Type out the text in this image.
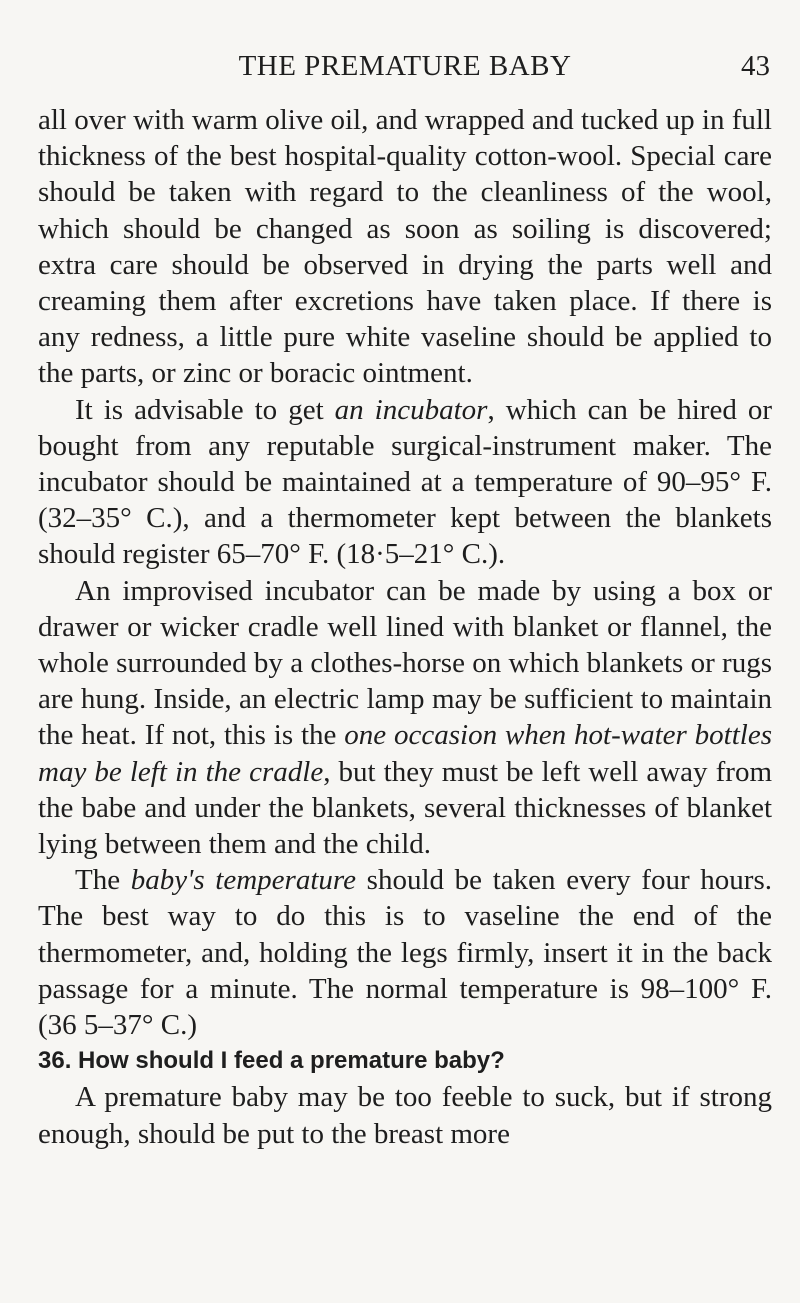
THE PREMATURE BABY	43

all over with warm olive oil, and wrapped and tucked up in full thickness of the best hospital-quality cotton-wool. Special care should be taken with regard to the cleanliness of the wool, which should be changed as soon as soiling is discovered; extra care should be observed in drying the parts well and creaming them after excretions have taken place. If there is any redness, a little pure white vaseline should be applied to the parts, or zinc or boracic ointment.

It is advisable to get an incubator, which can be hired or bought from any reputable surgical-instrument maker. The incubator should be maintained at a temperature of 90–95° F. (32–35° C.), and a thermometer kept between the blankets should register 65–70° F. (18·5–21° C.).

An improvised incubator can be made by using a box or drawer or wicker cradle well lined with blanket or flannel, the whole surrounded by a clothes-horse on which blankets or rugs are hung. Inside, an electric lamp may be sufficient to maintain the heat. If not, this is the one occasion when hot-water bottles may be left in the cradle, but they must be left well away from the babe and under the blankets, several thicknesses of blanket lying between them and the child.

The baby's temperature should be taken every four hours. The best way to do this is to vaseline the end of the thermometer, and, holding the legs firmly, insert it in the back passage for a minute. The normal temperature is 98–100° F. (36 5–37° C.)

36. How should I feed a premature baby?

A premature baby may be too feeble to suck, but if strong enough, should be put to the breast more
